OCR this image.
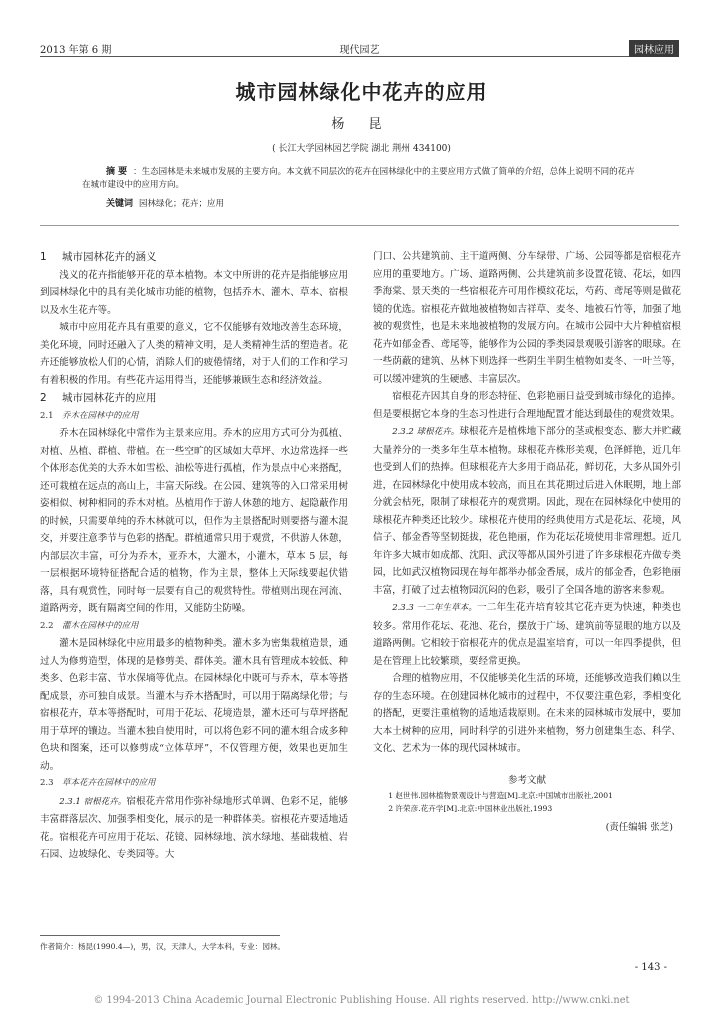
2013 年第 6 期	现代园艺	园林应用
城市园林绿化中花卉的应用
杨 昆
( 长江大学园林园艺学院 湖北 荆州 434100)
摘 要 ：生态园林是未来城市发展的主要方向。本文就不同层次的花卉在园林绿化中的主要应用方式做了简单的介绍，总体上说明不同的花卉在城市建设中的应用方向。
关键词 园林绿化；花卉；应用
1 城市园林花卉的涵义

浅义的花卉指能够开花的草本植物。本文中所讲的花卉是指能够应用到园林绿化中的具有美化城市功能的植物，包括乔木、灌木、草本、宿根以及水生花卉等。

城市中应用花卉具有重要的意义，它不仅能够有效地改善生态环境，美化环境，同时还融入了人类的精神文明，是人类精神生活的塑造者。花卉还能够放松人们的心情，消除人们的疲倦情绪，对于人们的工作和学习有着积极的作用。有些花卉运用得当，还能够兼顾生态和经济效益。

2 城市园林花卉的应用
2.1 乔木在园林中的应用

乔木在园林绿化中常作为主景来应用。乔木的应用方式可分为孤植、对植、丛植、群植、带植。在一些空旷的区域如大草坪、水边常选择一些个体形态优美的大乔木如雪松、油松等进行孤植，作为景点中心来搭配，还可栽植在远点的高山上，丰富天际线。在公园、建筑等的入口常采用树姿相似、树种相同的乔木对植。丛植用作于游人休憩的地方、起隐蔽作用的时候，只需要单纯的乔木林就可以，但作为主景搭配时则要搭与灌木混交，并要注意季节与色彩的搭配。群植通常只用于观赏，不供游人休憩，内部层次丰富，可分为乔木，亚乔木，大灌木，小灌木，草本 5 层，每一层根据环境特征搭配合适的植物，作为主景，整体上天际线要起伏错落，具有观赏性，同时每一层要有自己的观赏特性。带植则出现在河流、道路两旁，既有隔离空间的作用，又能防尘防噪。

2.2 灌木在园林中的应用

灌木是园林绿化中应用最多的植物种类。灌木多为密集栽植造景，通过人为修剪造型，体现的是修剪美、群体美。灌木具有管理成本较低、种类多、色彩丰富、节水保墒等优点。在园林绿化中既可与乔木，草本等搭配成景，亦可独自成景。当灌木与乔木搭配时，可以用于隔离绿化带；与宿根花卉，草本等搭配时，可用于花坛、花境造景，灌木还可与草坪搭配用于草坪的镶边。当灌木独自使用时，可以将色彩不同的灌木组合成多种色块和图案，还可以修剪成“立体草坪”，不仅管理方便，效果也更加生动。

2.3 草本花卉在园林中的应用

2.3.1 宿根花卉。宿根花卉常用作弥补绿地形式单调、色彩不足，能够丰富群落层次、加强季相变化，展示的是一种群体美。宿根花卉要适地适花。宿根花卉可应用于花坛、花镜、园林绿地、滨水绿地、基础栽植、岩石园、边坡绿化、专类园等。大

门口、公共建筑前、主干道两侧、分车绿带、广场、公园等都是宿根花卉应用的重要地方。广场、道路两侧、公共建筑前多设置花镜、花坛，如四季海棠、景天类的一些宿根花卉可用作模纹花坛，芍药、鸢尾等则是做花镜的优选。宿根花卉做地被植物如吉祥草、麦冬、地被石竹等，加强了地被的观赏性，也是未来地被植物的发展方向。在城市公园中大片种植宿根花卉如郁金香、鸢尾等，能够作为公园的季类园景观吸引游客的眼球。在一些荫蔽的建筑、丛林下则选择一些阴生半阴生植物如麦冬、一叶兰等，可以缓冲建筑的生硬感、丰富层次。

宿根花卉因其自身的形态特征、色彩艳丽日益受到城市绿化的追捧。但是要根据它本身的生态习性进行合理地配置才能达到最佳的观赏效果。

2.3.2 球根花卉。球根花卉是植株地下部分的茎或根变态、膨大并贮藏大量养分的一类多年生草本植物。球根花卉株形美观，色泽鲜艳，近几年也受到人们的热捧。但球根花卉大多用于商品花，鲜切花，大多从国外引进，在园林绿化中使用成本较高，而且在其花期过后进入休眠期，地上部分就会枯死，限制了球根花卉的观赏期。因此，现在在园林绿化中使用的球根花卉种类还比较少。球根花卉使用的经典使用方式是花坛、花境，风信子、郁金香等坚韧挺拔，花色艳丽，作为花坛花境使用非常理想。近几年许多大城市如成都、沈阳、武汉等都从国外引进了许多球根花卉做专类园，比如武汉植物园现在每年都举办郁金香展，成片的郁金香，色彩艳丽丰富，打破了过去植物园沉闷的色彩，吸引了全国各地的游客来参观。

2.3.3 一二年生草本。一二年生花卉培育较其它花卉更为快速，种类也较多。常用作花坛、花池、花台，摆放于广场、建筑前等显眼的地方以及道路两侧。它相较于宿根花卉的优点是温室培育，可以一年四季提供，但是在管理上比较繁琐，要经常更换。

合理的植物应用，不仅能够美化生活的环境，还能够改造我们赖以生存的生态环境。在创建园林化城市的过程中，不仅要注重色彩，季相变化的搭配，更要注重植物的适地适栽原则。在未来的园林城市发展中，要加大本土树种的应用，同时科学的引进外来植物，努力创建集生态、科学、文化、艺术为一体的现代园林城市。

参考文献

1 赵世伟.园林植物景观设计与营造[M].北京:中国城市出版社,2001

2 许荣彦.花卉学[M].北京:中国林业出版社,1993

(责任编辑 张芝)
作者简介：杨昆(1990.4—)，男，汉，天津人，大学本科，专业：园林。
- 143 -
© 1994-2013 China Academic Journal Electronic Publishing House. All rights reserved. http://www.cnki.net
